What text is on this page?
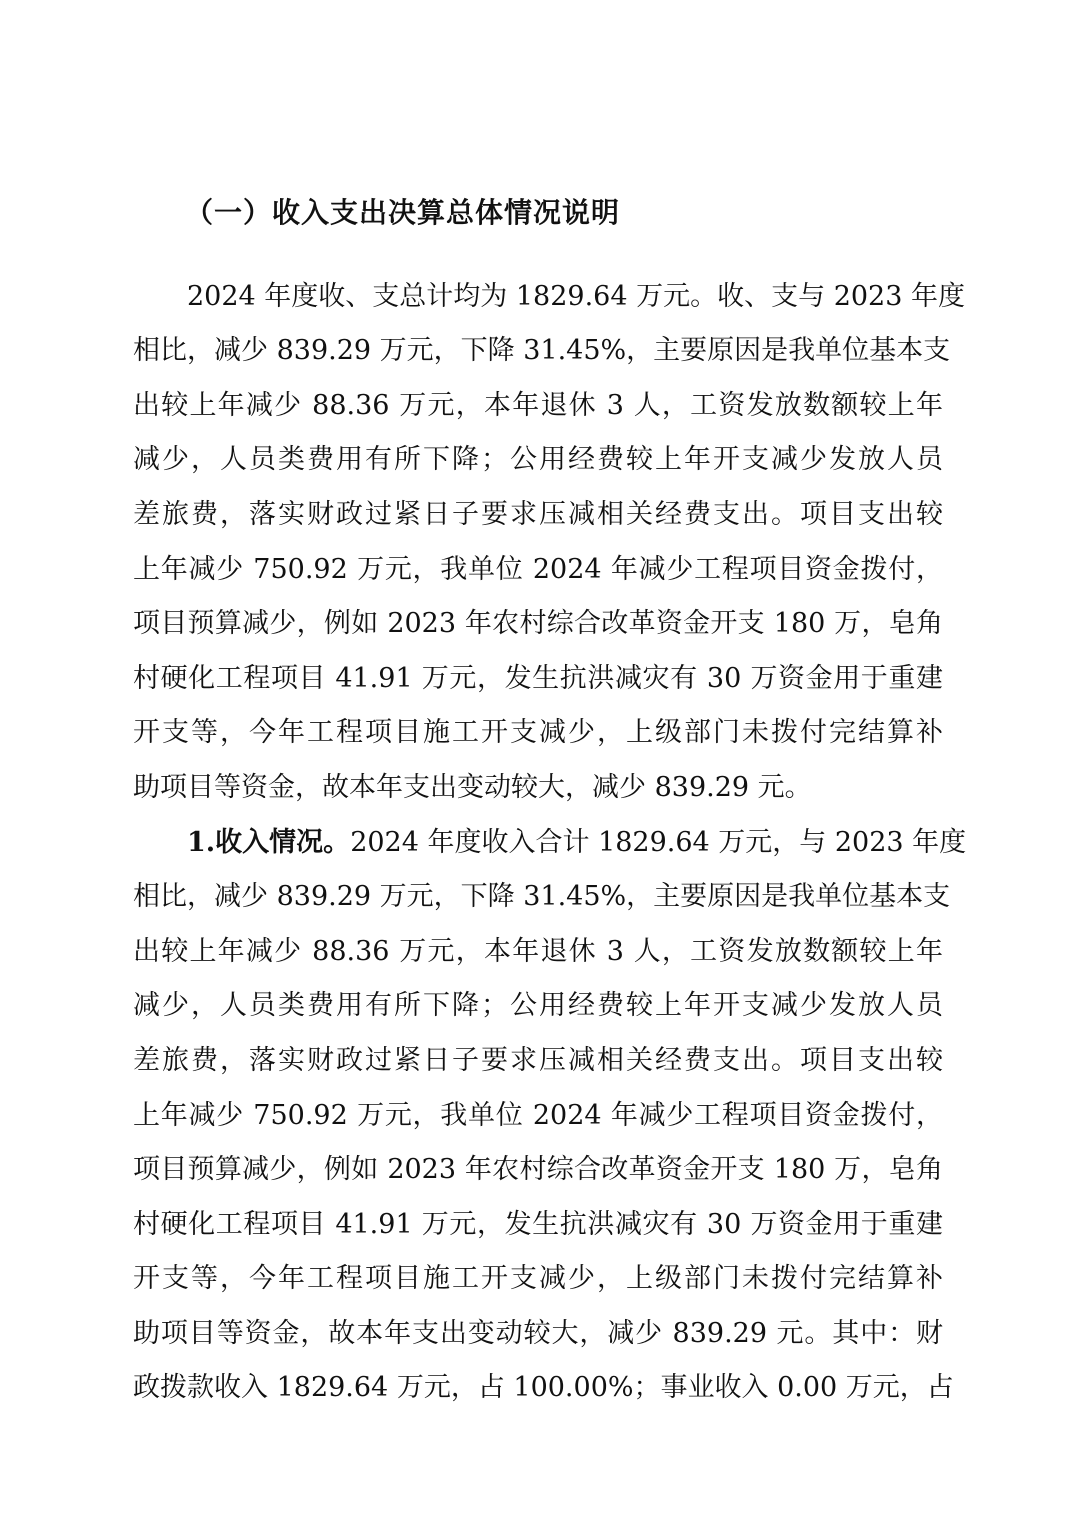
（一）收入支出决算总体情况说明
2024 年度收、支总计均为 1829.64 万元。收、支与 2023 年度
相比，减少 839.29 万元，下降 31.45%，主要原因是我单位基本支
出较上年减少 88.36 万元，本年退休 3 人，工资发放数额较上年
减少，人员类费用有所下降；公用经费较上年开支减少发放人员
差旅费，落实财政过紧日子要求压减相关经费支出。项目支出较
上年减少 750.92 万元，我单位 2024 年减少工程项目资金拨付，
项目预算减少，例如 2023 年农村综合改革资金开支 180 万，皂角
村硬化工程项目 41.91 万元，发生抗洪减灾有 30 万资金用于重建
开支等，今年工程项目施工开支减少，上级部门未拨付完结算补
助项目等资金，故本年支出变动较大，减少 839.29 元。
1.收入情况。2024 年度收入合计 1829.64 万元，与 2023 年度
相比，减少 839.29 万元，下降 31.45%，主要原因是我单位基本支
出较上年减少 88.36 万元，本年退休 3 人，工资发放数额较上年
减少，人员类费用有所下降；公用经费较上年开支减少发放人员
差旅费，落实财政过紧日子要求压减相关经费支出。项目支出较
上年减少 750.92 万元，我单位 2024 年减少工程项目资金拨付，
项目预算减少，例如 2023 年农村综合改革资金开支 180 万，皂角
村硬化工程项目 41.91 万元，发生抗洪减灾有 30 万资金用于重建
开支等，今年工程项目施工开支减少，上级部门未拨付完结算补
助项目等资金，故本年支出变动较大，减少 839.29 元。其中：财
政拨款收入 1829.64 万元，占 100.00%；事业收入 0.00 万元，占
